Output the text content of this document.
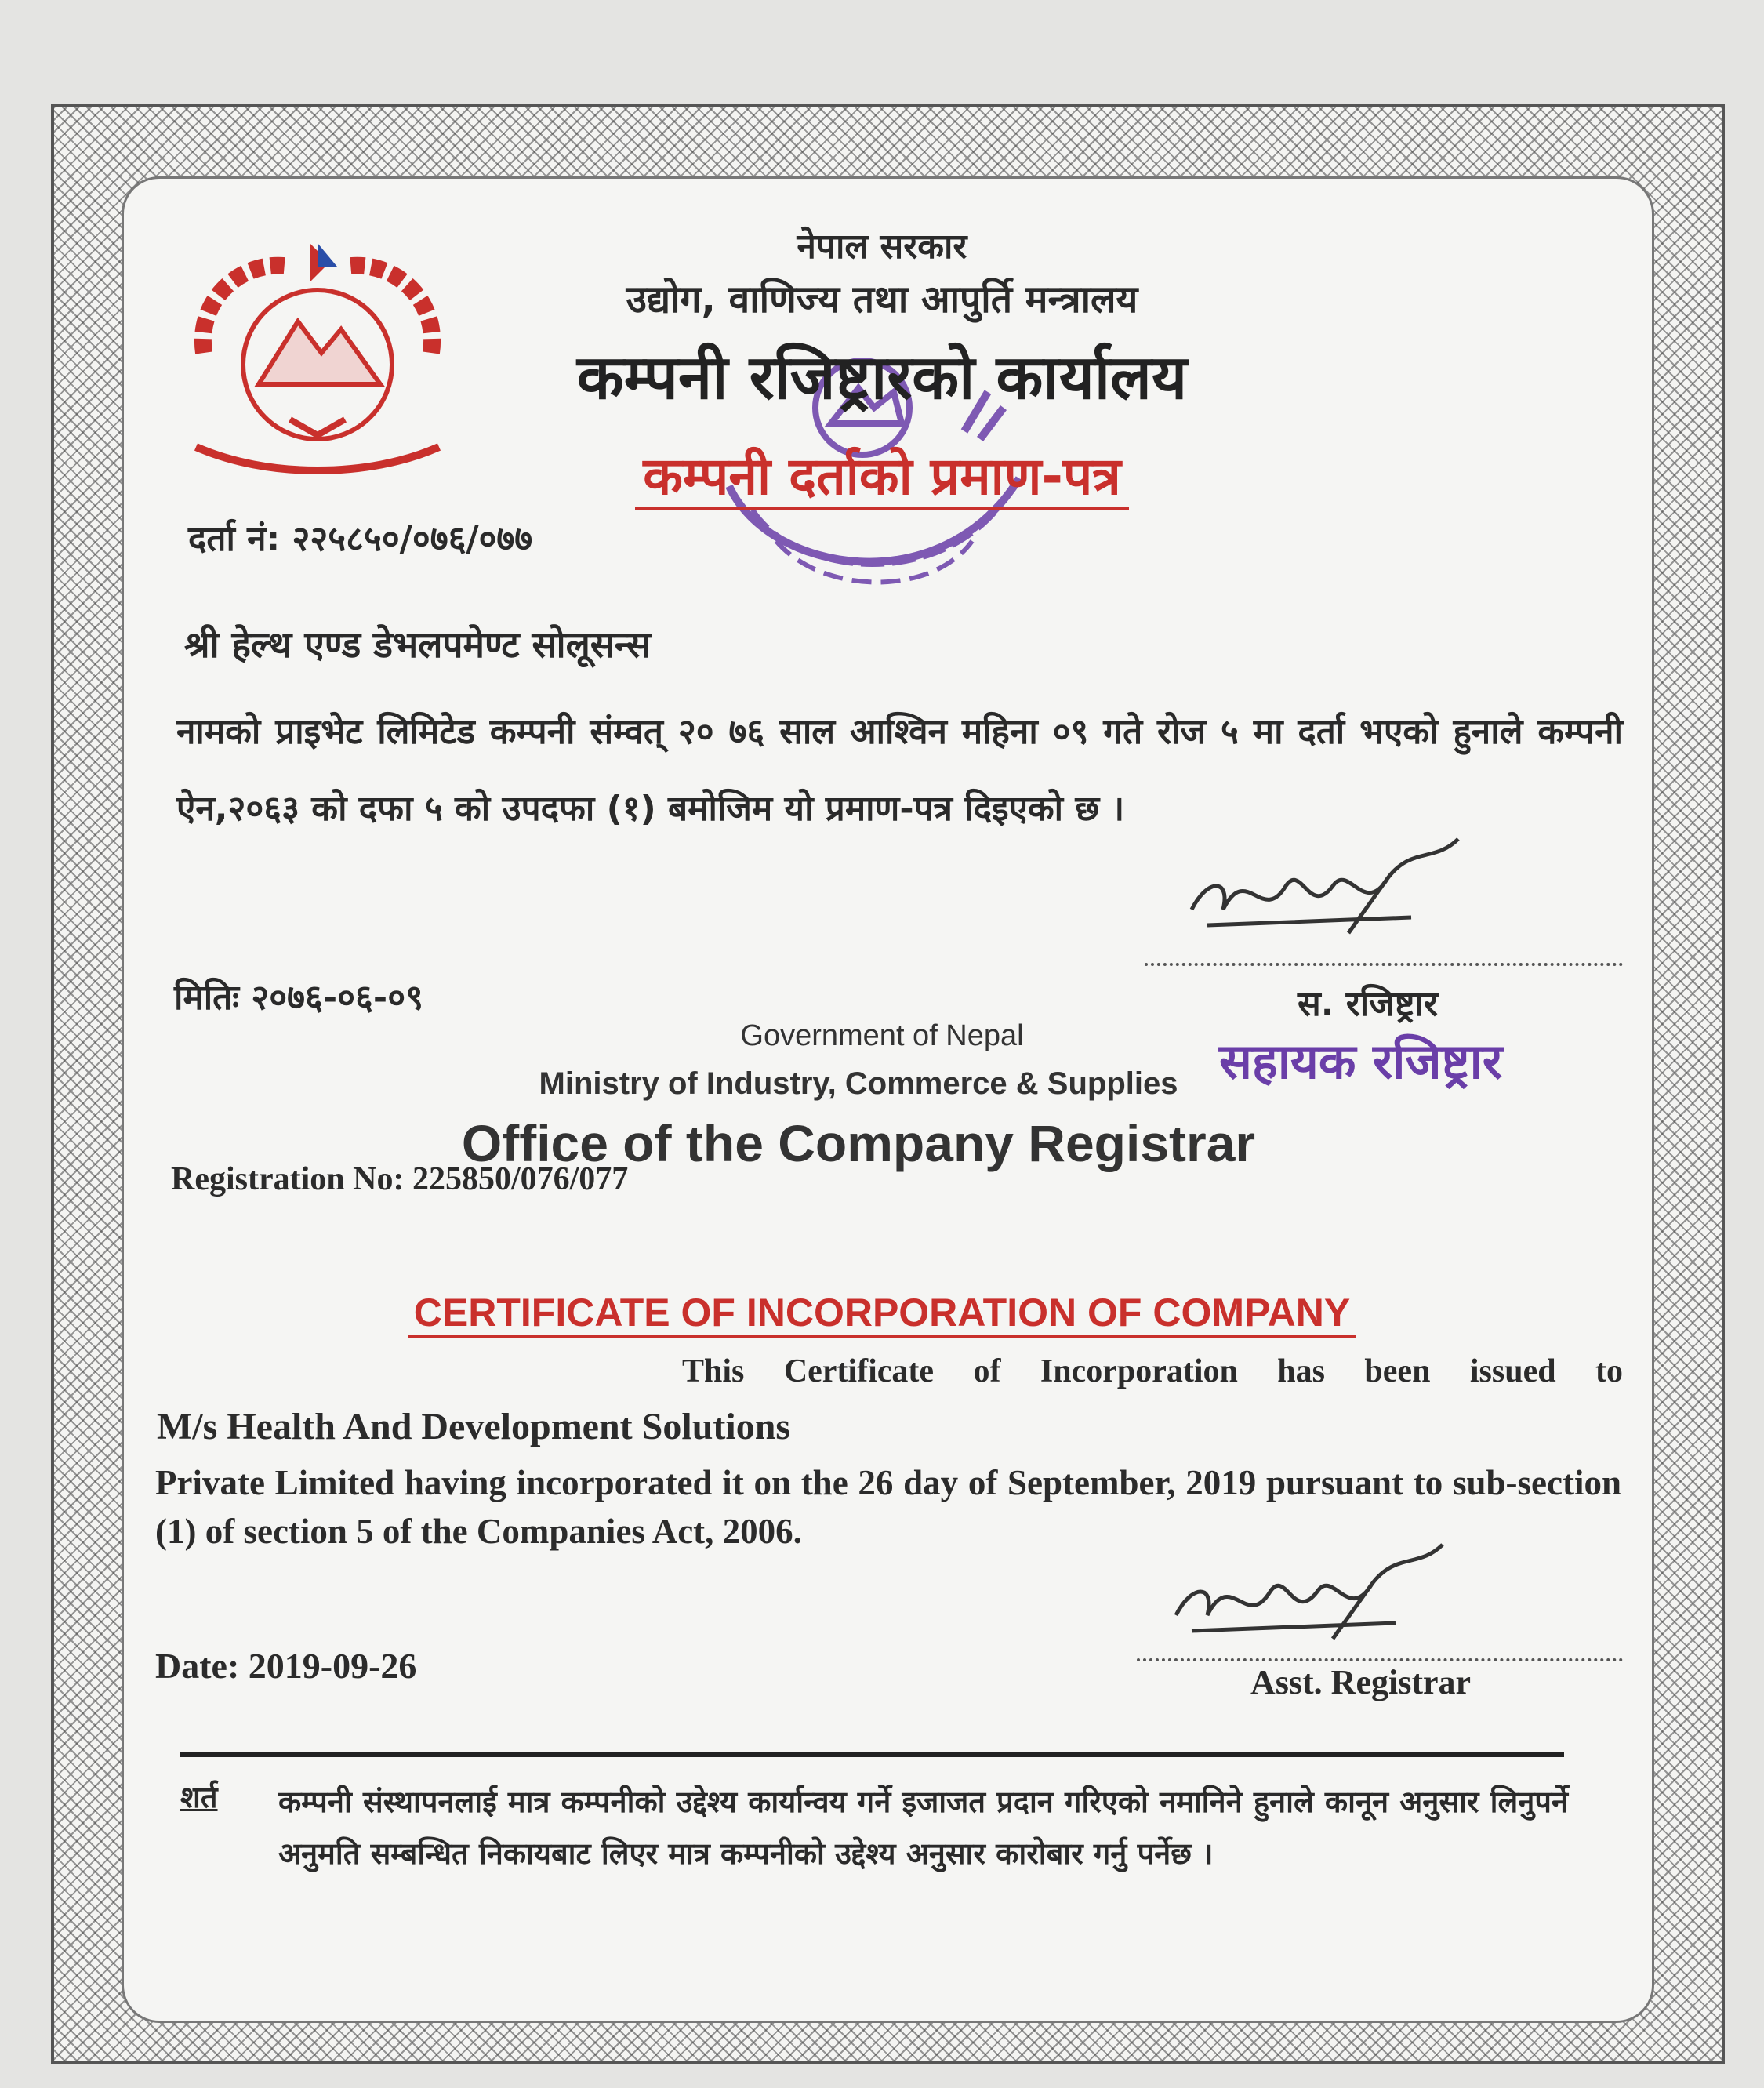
नेपाल सरकार
उद्योग, वाणिज्य तथा आपुर्ति मन्त्रालय
कम्पनी रजिष्ट्रारको कार्यालय
कम्पनी दर्ताको प्रमाण-पत्र
दर्ता नं: २२५८५०/०७६/०७७
श्री हेल्थ एण्ड डेभलपमेण्ट सोलूसन्स
नामको प्राइभेट लिमिटेड कम्पनी संम्वत् २० ७६ साल आश्विन महिना ०९ गते रोज ५ मा दर्ता भएको हुनाले कम्पनी ऐन,२०६३ को दफा ५ को उपदफा (१) बमोजिम यो प्रमाण-पत्र दिइएको छ ।
मितिः २०७६-०६-०९	स. रजिष्ट्रार
सहायक रजिष्ट्रार
Government of Nepal
Ministry of Industry, Commerce & Supplies
Office of the Company Registrar
Registration No: 225850/076/077
CERTIFICATE OF INCORPORATION OF COMPANY
This Certificate of Incorporation has been issued to
M/s Health And Development Solutions
Private Limited having incorporated it on the 26 day of September, 2019 pursuant to sub-section (1) of section 5 of the Companies Act, 2006.
Date: 2019-09-26	Asst. Registrar
शर्त कम्पनी संस्थापनलाई मात्र कम्पनीको उद्देश्य कार्यान्वय गर्ने इजाजत प्रदान गरिएको नमानिने हुनाले कानून अनुसार लिनुपर्ने अनुमति सम्बन्धित निकायबाट लिएर मात्र कम्पनीको उद्देश्य अनुसार कारोबार गर्नु पर्नेछ ।
